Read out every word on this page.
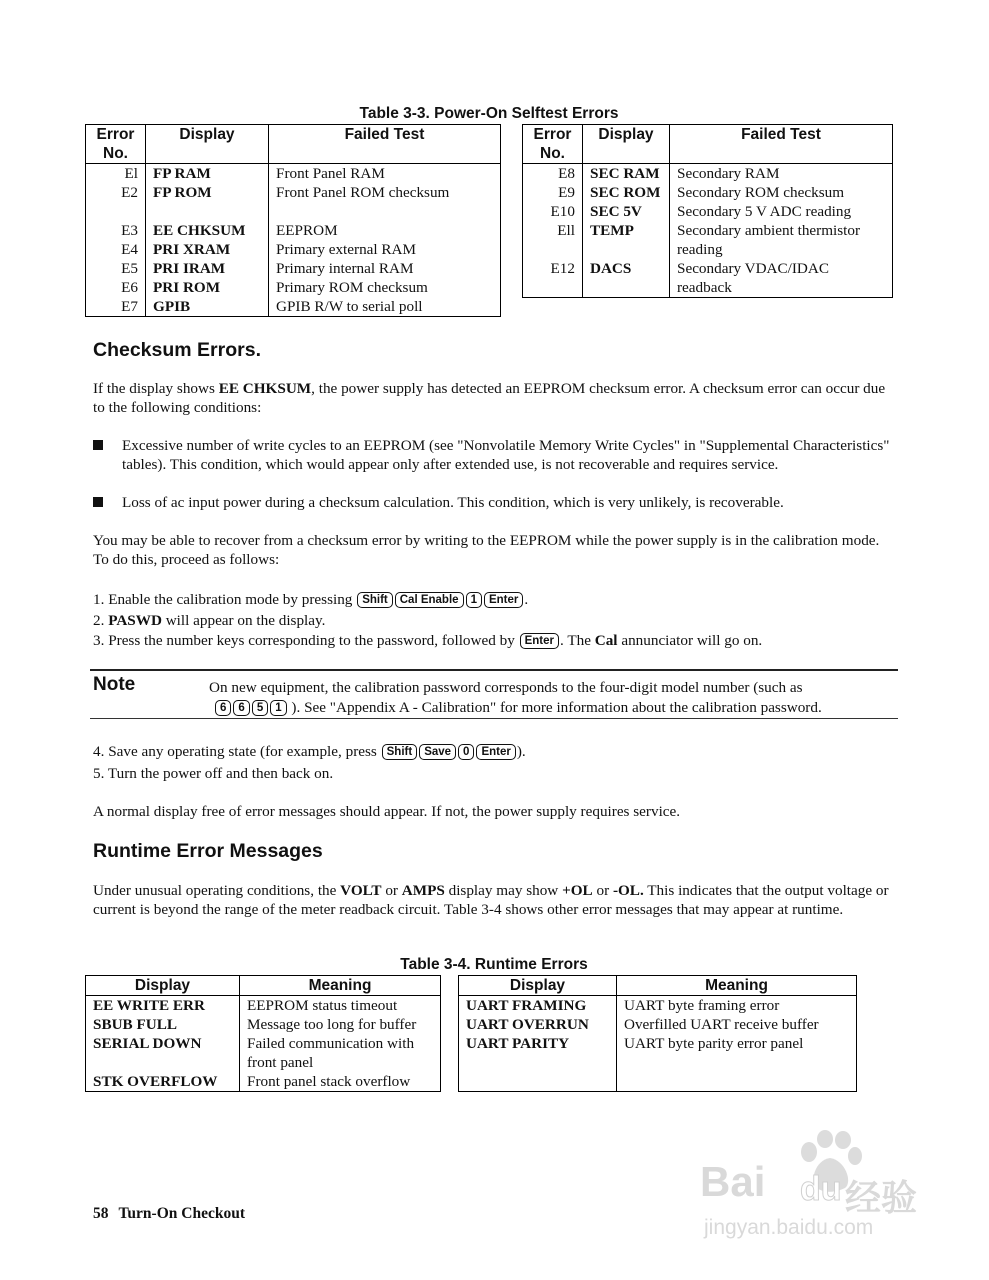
Table 3-3. Power-On Selftest Errors
Error No.	Display	Failed Test
El	FP RAM	Front Panel RAM
E2	FP ROM	Front Panel ROM checksum
E3	EE CHKSUM	EEPROM
E4	PRI XRAM	Primary external RAM
E5	PRI IRAM	Primary internal RAM
E6	PRI ROM	Primary ROM checksum
E7	GPIB	GPIB R/W to serial poll
Error No.	Display	Failed Test
E8	SEC RAM	Secondary RAM
E9	SEC ROM	Secondary ROM checksum
E10	SEC 5V	Secondary 5 V ADC reading
Ell	TEMP	Secondary ambient thermistor reading
E12	DACS	Secondary VDAC/IDAC readback
Checksum Errors.

If the display shows EE CHKSUM, the power supply has detected an EEPROM checksum error. A checksum error can occur due to the following conditions:

Excessive number of write cycles to an EEPROM (see "Nonvolatile Memory Write Cycles" in "Supplemental Characteristics" tables). This condition, which would appear only after extended use, is not recoverable and requires service.
Loss of ac input power during a checksum calculation. This condition, which is very unlikely, is recoverable.

You may be able to recover from a checksum error by writing to the EEPROM while the power supply is in the calibration mode. To do this, proceed as follows:

1. Enable the calibration mode by pressing Shift Cal Enable 1 Enter .

2. PASWD will appear on the display.

3. Press the number keys corresponding to the password, followed by Enter . The Cal annunciator will go on.

Note	On new equipment, the calibration password corresponds to the four-digit model number (such as
6 6 5 1 ). See "Appendix A - Calibration" for more information about the calibration password.

4. Save any operating state (for example, press Shift Save 0 Enter ).

5. Turn the power off and then back on.

A normal display free of error messages should appear. If not, the power supply requires service.

Runtime Error Messages

Under unusual operating conditions, the VOLT or AMPS display may show +OL or -OL. This indicates that the output voltage or current is beyond the range of the meter readback circuit. Table 3-4 shows other error messages that may appear at runtime.

Table 3-4. Runtime Errors
Display	Meaning
EE WRITE ERR	EEPROM status timeout
SBUB FULL	Message too long for buffer
SERIAL DOWN	Failed communication with front panel
STK OVERFLOW	Front panel stack overflow
Display	Meaning
UART FRAMING	UART byte framing error
UART OVERRUN	Overfilled UART receive buffer
UART PARITY	UART byte parity error panel
58 Turn-On Checkout
Bai du 经验
jingyan.baidu.com
